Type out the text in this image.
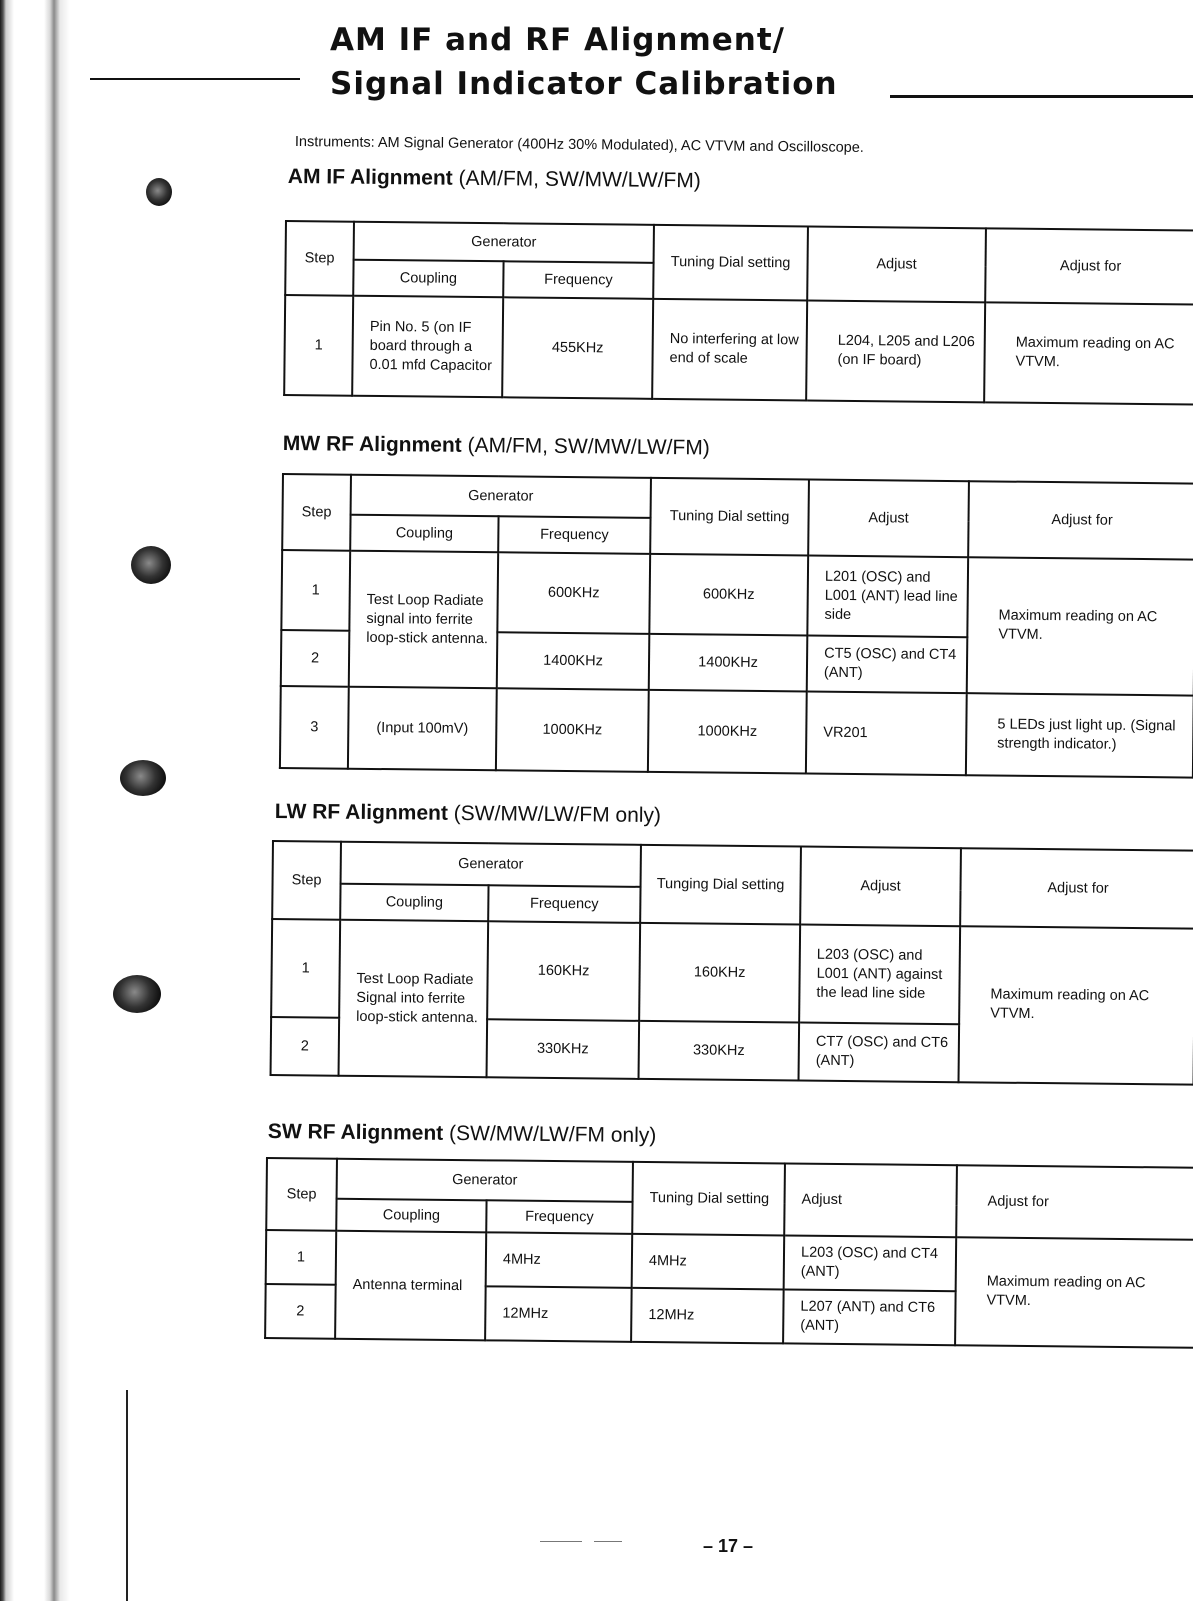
AM IF and RF Alignment/
Signal Indicator Calibration
Instruments: AM Signal Generator (400Hz 30% Modulated), AC VTVM and Oscilloscope.
AM IF Alignment (AM/FM, SW/MW/LW/FM)
Step	Generator		Tuning Dial setting	Adjust	Adjust for
	Coupling	Frequency			
1	Pin No. 5 (on IF board through a 0.01 mfd Capacitor	455KHz	No interfering at low end of scale	L204, L205 and L206 (on IF board)	Maximum reading on AC VTVM.
MW RF Alignment (AM/FM, SW/MW/LW/FM)
Step	Generator		Tuning Dial setting	Adjust	Adjust for
	Coupling	Frequency			
1	Test Loop Radiate signal into ferrite loop-stick antenna.	600KHz	600KHz	L201 (OSC) and L001 (ANT) lead line side	Maximum reading on AC VTVM.
2		1400KHz	1400KHz	CT5 (OSC) and CT4 (ANT)	
3	(Input 100mV)	1000KHz	1000KHz	VR201	5 LEDs just light up. (Signal strength indicator.)
LW RF Alignment (SW/MW/LW/FM only)
Step	Generator		Tunging Dial setting	Adjust	Adjust for
	Coupling	Frequency			
1	Test Loop Radiate Signal into ferrite loop-stick antenna.	160KHz	160KHz	L203 (OSC) and L001 (ANT) against the lead line side	Maximum reading on AC VTVM.
2		330KHz	330KHz	CT7 (OSC) and CT6 (ANT)	
SW RF Alignment (SW/MW/LW/FM only)
Step	Generator		Tuning Dial setting	Adjust	Adjust for
	Coupling	Frequency			
1	Antenna terminal	4MHz	4MHz	L203 (OSC) and CT4 (ANT)	Maximum reading on AC VTVM.
2		12MHz	12MHz	L207 (ANT) and CT6 (ANT)	
– 17 –
